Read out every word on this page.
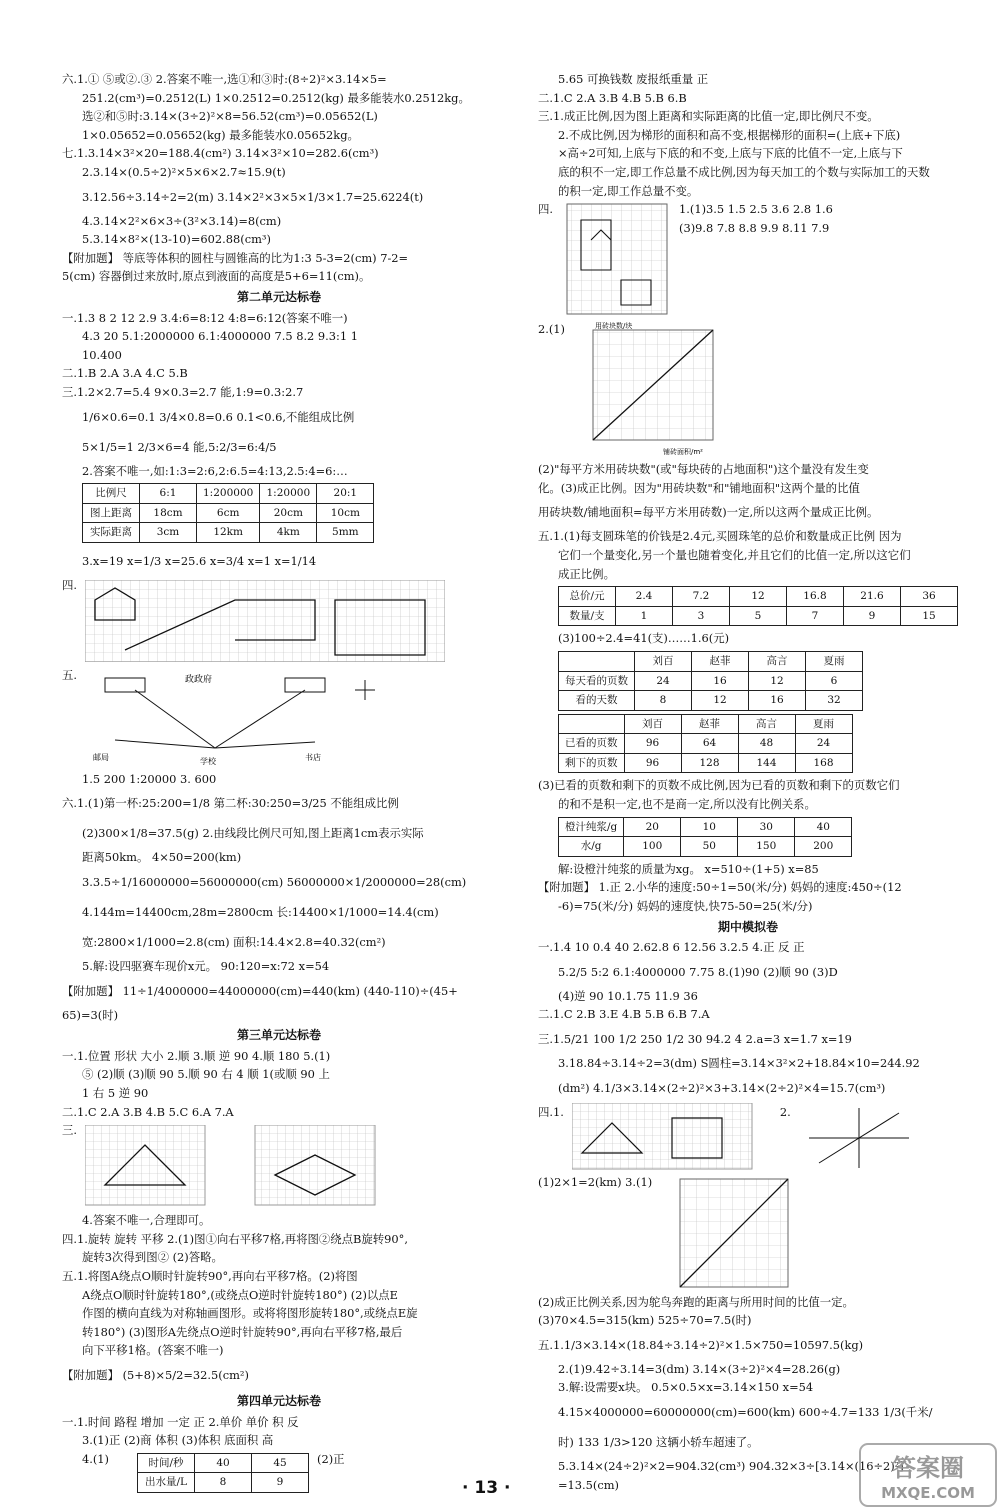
六.1.① ⑤或②.③ 2.答案不唯一,选①和③时:(8÷2)²×3.14×5=
251.2(cm³)=0.2512(L) 1×0.2512=0.2512(kg) 最多能装水0.2512kg。
选②和⑤时:3.14×(3÷2)²×8=56.52(cm³)=0.05652(L)
1×0.05652=0.05652(kg) 最多能装水0.05652kg。
七.1.3.14×3²×20=188.4(cm²) 3.14×3²×10=282.6(cm³)
2.3.14×(0.5÷2)²×5×6×2.7≈15.9(t)
3.12.56÷3.14÷2=2(m) 3.14×2²×3×5×1/3×1.7=25.6224(t)
4.3.14×2²×6×3÷(3²×3.14)=8(cm)
5.3.14×8²×(13-10)=602.88(cm³)
【附加题】 等底等体积的圆柱与圆锥高的比为1:3 5-3=2(cm) 7-2=
5(cm) 容器倒过来放时,原点到液面的高度是5+6=11(cm)。
第二单元达标卷
一.1.3 8 2 12 2.9 3.4:6=8:12 4:8=6:12(答案不唯一)
4.3 20 5.1:2000000 6.1:4000000 7.5 8.2 9.3:1 1
10.400
二.1.B 2.A 3.A 4.C 5.B
三.1.2×2.7=5.4 9×0.3=2.7 能,1:9=0.3:2.7
1/6×0.6=0.1 3/4×0.8=0.6 0.1<0.6,不能组成比例
5×1/5=1 2/3×6=4 能,5:2/3=6:4/5
2.答案不唯一,如:1:3=2:6,2:6.5=4:13,2.5:4=6:…
比例尺	6:1	1:200000	1:20000	20:1
图上距离	18cm	6cm	20cm	10cm
实际距离	3cm	12km	4km	5mm
3.x=19 x=1/3 x=25.6 x=3/4 x=1 x=1/14
四.
五.	政政府
邮局	学校	书店
1.5 200 1:20000 3. 600
六.1.(1)第一杯:25:200=1/8 第二杯:30:250=3/25 不能组成比例
(2)300×1/8=37.5(g) 2.由线段比例尺可知,图上距离1cm表示实际
距离50km。 4×50=200(km)
3.3.5÷1/16000000=56000000(cm) 56000000×1/2000000=28(cm)
4.144m=14400cm,28m=2800cm 长:14400×1/1000=14.4(cm)
宽:2800×1/1000=2.8(cm) 面积:14.4×2.8=40.32(cm²)
5.解:设四驱赛车现价x元。 90:120=x:72 x=54
【附加题】 11÷1/4000000=44000000(cm)=440(km) (440-110)÷(45+
65)=3(时)
第三单元达标卷
一.1.位置 形状 大小 2.顺 3.顺 逆 90 4.顺 180 5.(1)
⑤ (2)顺 (3)顺 90 5.顺 90 右 4 顺 1(或顺 90 上
1 右 5 逆 90
二.1.C 2.A 3.B 4.B 5.C 6.A 7.A
三.
4.答案不唯一,合理即可。
四.1.旋转 旋转 平移 2.(1)图①向右平移7格,再将图②绕点B旋转90°,
旋转3次得到图② (2)答略。
五.1.将图A绕点O顺时针旋转90°,再向右平移7格。(2)将图
A绕点O顺时针旋转180°,(或绕点O逆时针旋转180°) (2)以点E
作图的横向直线为对称轴画图形。或将将图形旋转180°,或绕点E旋
转180°) (3)图形A先绕点O逆时针旋转90°,再向右平移7格,最后
向下平移1格。(答案不唯一)
【附加题】 (5+8)×5/2=32.5(cm²)
第四单元达标卷
一.1.时间 路程 增加 一定 正 2.单价 单价 积 反
3.(1)正 (2)商 体积 (3)体积 底面积 高
4.(1)	时间/秒	40	45
出水量/L	8	9
(2)正
5.65 可换钱数 废报纸重量 正
二.1.C 2.A 3.B 4.B 5.B 6.B
三.1.成正比例,因为图上距离和实际距离的比值一定,即比例尺不变。
2.不成比例,因为梯形的面积和高不变,根据梯形的面积=(上底+下底)
×高÷2可知,上底与下底的和不变,上底与下底的比值不一定,上底与下
底的积不一定,即工作总量不成比例,因为每天加工的个数与实际加工的天数
的积一定,即工作总量不变。
四.	1.(1)3.5 1.5 2.5 3.6 2.8 1.6
(3)9.8 7.8 8.8 9.9 8.11 7.9
2.(1)	用砖块数/块
铺砖面积/m²
(2)"每平方米用砖块数"(或"每块砖的占地面积")这个量没有发生变
化。(3)成正比例。因为"用砖块数"和"铺地面积"这两个量的比值
用砖块数/铺地面积=每平方米用砖数)一定,所以这两个量成正比例。
五.1.(1)每支圆珠笔的价钱是2.4元,买圆珠笔的总价和数量成正比例 因为
它们一个量变化,另一个量也随着变化,并且它们的比值一定,所以这它们
成正比例。
总价/元	2.4	7.2	12	16.8	21.6	36
数量/支	1	3	5	7	9	15
(3)100÷2.4=41(支)……1.6(元)
	刘百	赵菲	高言	夏雨
每天看的页数	24	16	12	6
看的天数	8	12	16	32
	刘百	赵菲	高言	夏雨
已看的页数	96	64	48	24
剩下的页数	96	128	144	168
(3)已看的页数和剩下的页数不成比例,因为已看的页数和剩下的页数它们
的和不是积一定,也不是商一定,所以没有比例关系。
橙汁纯浆/g	20	10	30	40
水/g	100	50	150	200
解:设橙汁纯浆的质量为xg。 x=510÷(1+5) x=85
【附加题】 1.正 2.小华的速度:50÷1=50(米/分) 妈妈的速度:450÷(12
-6)=75(米/分) 妈妈的速度快,快75-50=25(米/分)
期中模拟卷
一.1.4 10 0.4 40 2.62.8 6 12.56 3.2.5 4.正 反 正
5.2/5 5:2 6.1:4000000 7.75 8.(1)90 (2)顺 90 (3)D
(4)逆 90 10.1.75 11.9 36
二.1.C 2.B 3.E 4.B 5.B 6.B 7.A
三.1.5/21 100 1/2 250 1/2 30 94.2 4 2.a=3 x=1.7 x=19
3.18.84÷3.14÷2=3(dm) S圆柱=3.14×3²×2+18.84×10=244.92
(dm²) 4.1/3×3.14×(2÷2)²×3+3.14×(2÷2)²×4=15.7(cm³)
四.1.	2.
(1)2×1=2(km) 3.(1)
(2)成正比例关系,因为鸵鸟奔跑的距离与所用时间的比值一定。
(3)70×4.5=315(km) 525÷70=7.5(时)
五.1.1/3×3.14×(18.84÷3.14÷2)²×1.5×750=10597.5(kg)
2.(1)9.42÷3.14=3(dm) 3.14×(3÷2)²×4=28.26(g)
3.解:设需要x块。 0.5×0.5×x=3.14×150 x=54
4.15×4000000=60000000(cm)=600(km) 600÷4.7=133 1/3(千米/
时) 133 1/3>120 这辆小轿车超速了。
5.3.14×(24÷2)²×2=904.32(cm³) 904.32×3÷[3.14×(16÷2)²]
=13.5(cm)
· 13 ·
答案圈
MXQE.COM
